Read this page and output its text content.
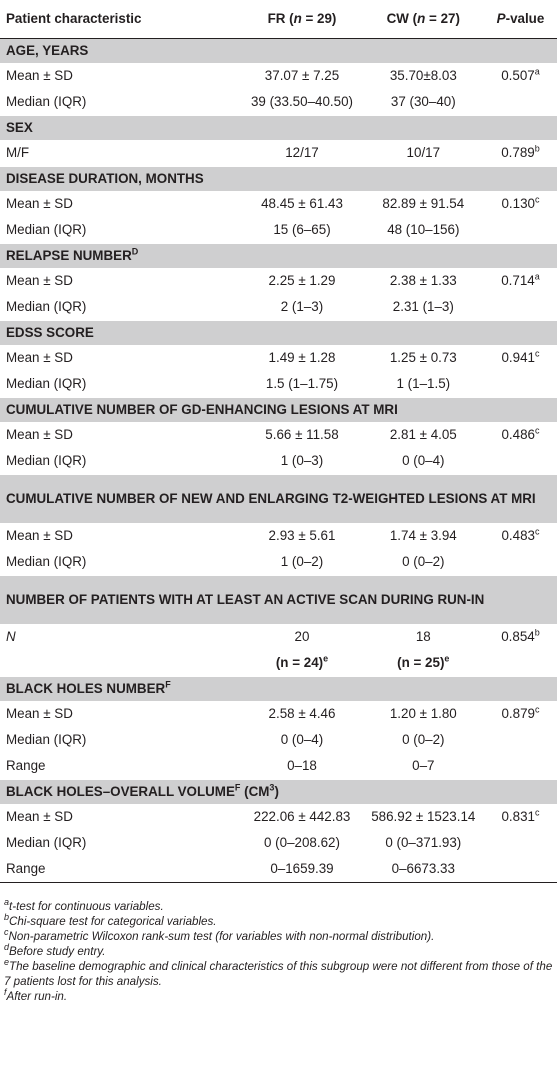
Patient characteristic	FR (n = 29)	CW (n = 27)	P-value
AGE, YEARS			
Mean ± SD	37.07 ± 7.25	35.70±8.03	0.507$^a$
Median (IQR)	39 (33.50–40.50)	37 (30–40)	
SEX			
M/F	12/17	10/17	0.789$^b$
DISEASE DURATION, MONTHS			
Mean ± SD	48.45 ± 61.43	82.89 ± 91.54	0.130$^c$
Median (IQR)	15 (6–65)	48 (10–156)	
RELAPSE $NUMBER^D$
Mean ± SD	2.25 ± 1.29	2.38 ± 1.33	0.714$^a$
Median (IQR)	2 (1–3)	2.31 (1–3)	
EDSS SCORE			
Mean ± SD	1.49 ± 1.28	1.25 ± 0.73	0.941$^c$
Median (IQR)	1.5 (1–1.75)	1 (1–1.5)	
CUMULATIVE NUMBER OF GD-ENHANCING LESIONS AT MRI			
Mean ± SD	5.66 ± 11.58	2.81 ± 4.05	0.486$^c$
Median (IQR)	1 (0–3)	0 (0–4)	
CUMULATIVE NUMBER OF NEW AND ENLARGING T2-WEIGHTED LESIONS AT MRI			
Mean ± SD	2.93 ± 5.61	1.74 ± 3.94	0.483$^c$
Median (IQR)	1 (0–2)	0 (0–2)	
NUMBER OF PATIENTS WITH AT LEAST AN ACTIVE SCAN DURING RUN-IN			
N	20	18	0.854$^b$
	(n = 24)$^e$	(n = 25)$^e$	
BLACK HOLES $NUMBER^F$
Mean ± SD	2.58 ± 4.46	1.20 ± 1.80	0.879$^c$
Median (IQR)	0 (0–4)	0 (0–2)	
Range	0–18	0–7	
BLACK HOLES–OVERALL $VOLUME^F$ $(CM^3)$			
Mean ± SD	222.06 ± 442.83	586.92 ± 1523.14	0.831$^c$
Median (IQR)	0 (0–208.62)	0 (0–371.93)	
Range	0–1659.39	0–6673.33	
$^a$t-test for continuous variables.
$^b$Chi-square test for categorical variables.
$^c$Non-parametric Wilcoxon rank-sum test (for variables with non-normal distribution).
$^d$Before study entry.
$^e$The baseline demographic and clinical characteristics of this subgroup were not different from those of the 7 patients lost for this analysis.
$^f$After run-in.
